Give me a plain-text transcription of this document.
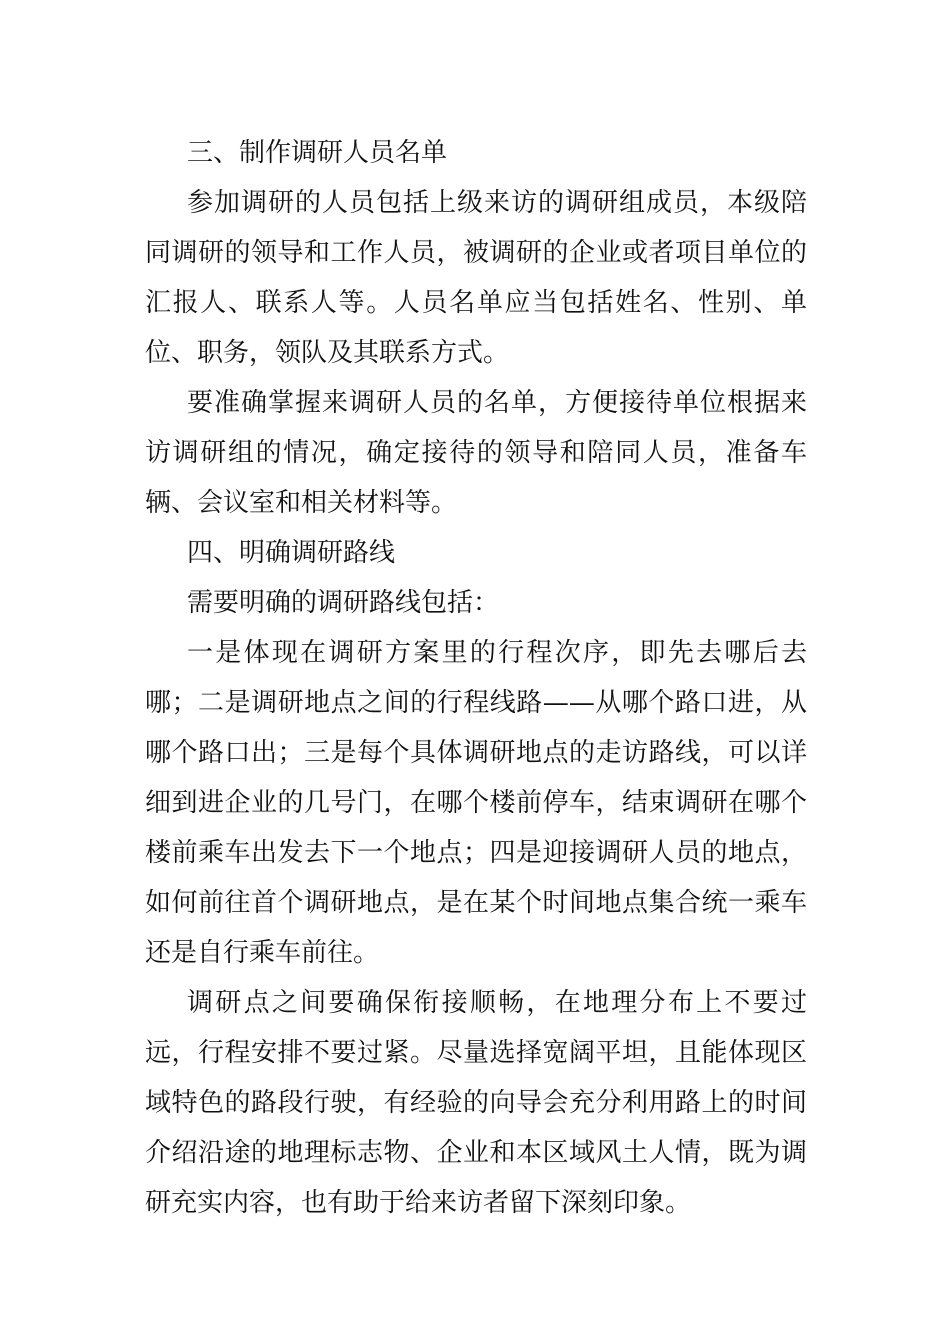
三、制作调研人员名单

参加调研的人员包括上级来访的调研组成员，本级陪同调研的领导和工作人员，被调研的企业或者项目单位的汇报人、联系人等。人员名单应当包括姓名、性别、单位、职务，领队及其联系方式。

要准确掌握来调研人员的名单，方便接待单位根据来访调研组的情况，确定接待的领导和陪同人员，准备车辆、会议室和相关材料等。

四、明确调研路线

需要明确的调研路线包括：

一是体现在调研方案里的行程次序，即先去哪后去哪；二是调研地点之间的行程线路——从哪个路口进，从哪个路口出；三是每个具体调研地点的走访路线，可以详细到进企业的几号门，在哪个楼前停车，结束调研在哪个楼前乘车出发去下一个地点；四是迎接调研人员的地点，如何前往首个调研地点，是在某个时间地点集合统一乘车还是自行乘车前往。

调研点之间要确保衔接顺畅，在地理分布上不要过远，行程安排不要过紧。尽量选择宽阔平坦，且能体现区域特色的路段行驶，有经验的向导会充分利用路上的时间介绍沿途的地理标志物、企业和本区域风土人情，既为调研充实内容，也有助于给来访者留下深刻印象。
